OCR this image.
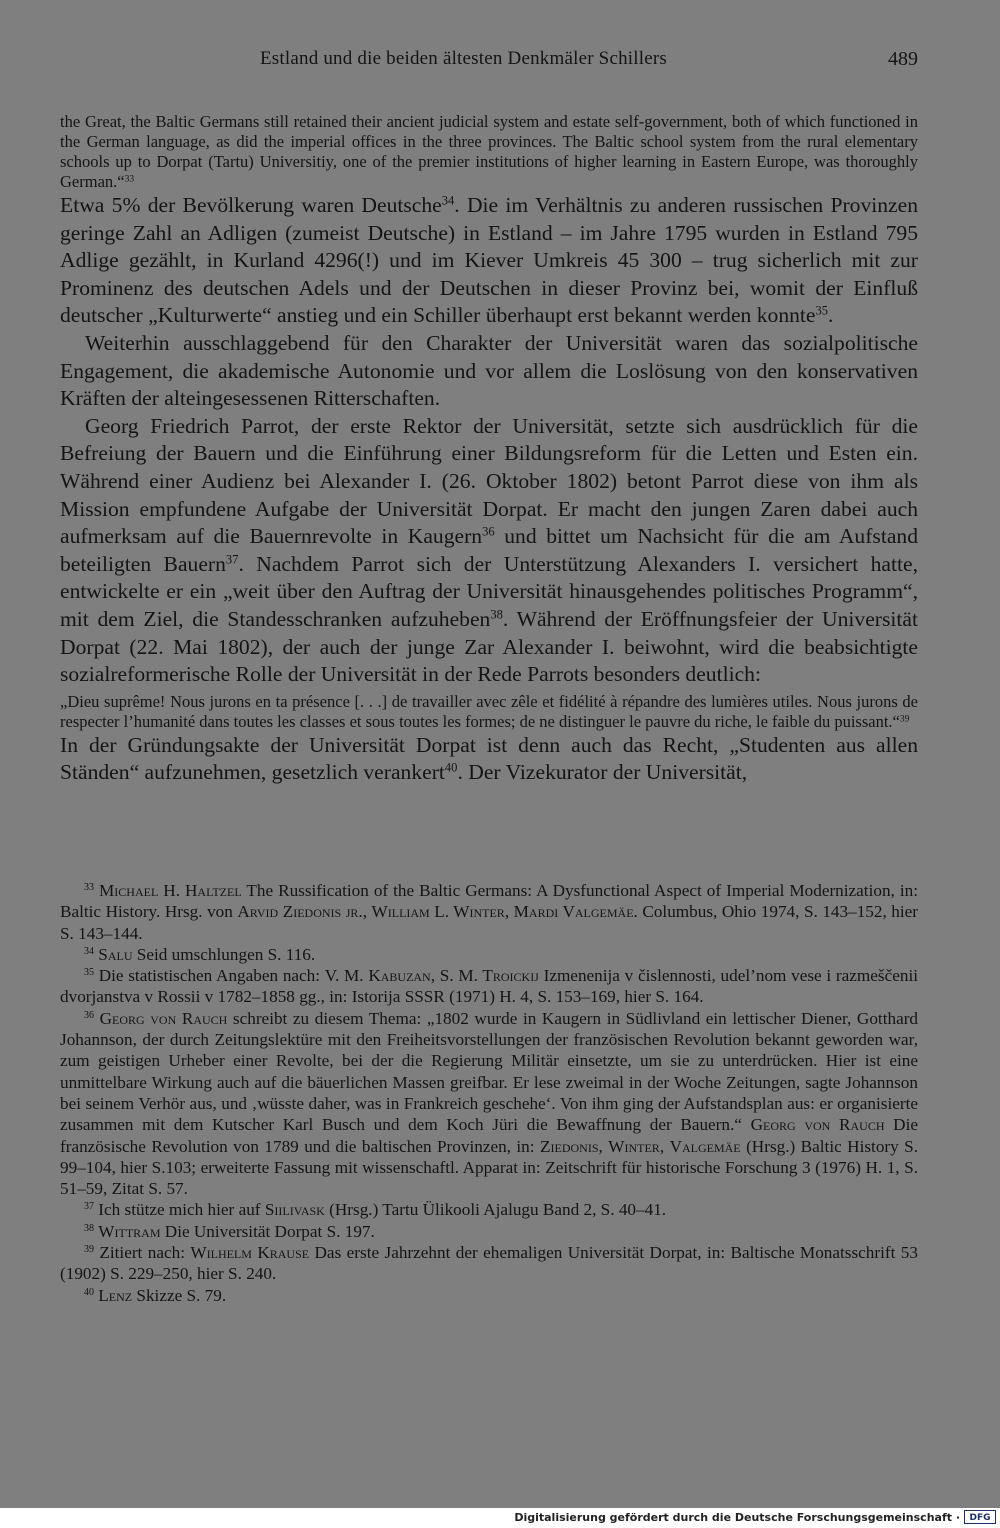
Estland und die beiden ältesten Denkmäler Schillers	489

the Great, the Baltic Germans still retained their ancient judicial system and estate self-government, both of which functioned in the German language, as did the imperial offices in the three provinces. The Baltic school system from the rural elementary schools up to Dorpat (Tartu) Universitiy, one of the premier institutions of higher learning in Eastern Europe, was thoroughly German.“$^{33}$

Etwa 5% der Bevölkerung waren Deutsche$^{34}$. Die im Verhältnis zu anderen russischen Provinzen geringe Zahl an Adligen (zumeist Deutsche) in Estland – im Jahre 1795 wurden in Estland 795 Adlige gezählt, in Kurland 4296(!) und im Kiever Umkreis 45 300 – trug sicherlich mit zur Prominenz des deutschen Adels und der Deutschen in dieser Provinz bei, womit der Einfluß deutscher „Kulturwerte“ anstieg und ein Schiller überhaupt erst bekannt werden konnte$^{35}$.

Weiterhin ausschlaggebend für den Charakter der Universität waren das sozialpolitische Engagement, die akademische Autonomie und vor allem die Loslösung von den konservativen Kräften der alteingesessenen Ritterschaften.

Georg Friedrich Parrot, der erste Rektor der Universität, setzte sich ausdrücklich für die Befreiung der Bauern und die Einführung einer Bildungsreform für die Letten und Esten ein. Während einer Audienz bei Alexander I. (26. Oktober 1802) betont Parrot diese von ihm als Mission empfundene Aufgabe der Universität Dorpat. Er macht den jungen Zaren dabei auch aufmerksam auf die Bauernrevolte in Kaugern$^{36}$ und bittet um Nachsicht für die am Aufstand beteiligten Bauern$^{37}$. Nachdem Parrot sich der Unterstützung Alexanders I. versichert hatte, entwickelte er ein „weit über den Auftrag der Universität hinausgehendes politisches Programm“, mit dem Ziel, die Standesschranken aufzuheben$^{38}$. Während der Eröffnungsfeier der Universität Dorpat (22. Mai 1802), der auch der junge Zar Alexander I. beiwohnt, wird die beabsichtigte sozialreformerische Rolle der Universität in der Rede Parrots besonders deutlich:

„Dieu suprême! Nous jurons en ta présence [. . .] de travailler avec zêle et fidélité à répandre des lumières utiles. Nous jurons de respecter l’humanité dans toutes les classes et sous toutes les formes; de ne distinguer le pauvre du riche, le faible du puissant.“$^{39}$

In der Gründungsakte der Universität Dorpat ist denn auch das Recht, „Studenten aus allen Ständen“ aufzunehmen, gesetzlich verankert$^{40}$. Der Vizekurator der Universität,

$^{33}$ Michael H. Haltzel The Russification of the Baltic Germans: A Dysfunctional Aspect of Imperial Modernization, in: Baltic History. Hrsg. von Arvid Ziedonis jr., William L. Winter, Mardi Valgemäe. Columbus, Ohio 1974, S. 143–152, hier S. 143–144.

$^{34}$ Salu Seid umschlungen S. 116.

$^{35}$ Die statistischen Angaben nach: V. M. Kabuzan, S. M. Troickij Izmenenija v čislennosti, udel’nom vese i razmeščenii dvorjanstva v Rossii v 1782–1858 gg., in: Istorija SSSR (1971) H. 4, S. 153–169, hier S. 164.

$^{36}$ Georg von Rauch schreibt zu diesem Thema: „1802 wurde in Kaugern in Südlivland ein lettischer Diener, Gotthard Johannson, der durch Zeitungslektüre mit den Freiheitsvorstellungen der französischen Revolution bekannt geworden war, zum geistigen Urheber einer Revolte, bei der die Regierung Militär einsetzte, um sie zu unterdrücken. Hier ist eine unmittelbare Wirkung auch auf die bäuerlichen Massen greifbar. Er lese zweimal in der Woche Zeitungen, sagte Johannson bei seinem Verhör aus, und ‚wüsste daher, was in Frankreich geschehe‘. Von ihm ging der Aufstandsplan aus: er organisierte zusammen mit dem Kutscher Karl Busch und dem Koch Jüri die Bewaffnung der Bauern.“ Georg von Rauch Die französische Revolution von 1789 und die baltischen Provinzen, in: Ziedonis, Winter, Valgemäe (Hrsg.) Baltic History S. 99–104, hier S.103; erweiterte Fassung mit wissenschaftl. Apparat in: Zeitschrift für historische Forschung 3 (1976) H. 1, S. 51–59, Zitat S. 57.

$^{37}$ Ich stütze mich hier auf Siilivask (Hrsg.) Tartu Ülikooli Ajalugu Band 2, S. 40–41.

$^{38}$ Wittram Die Universität Dorpat S. 197.

$^{39}$ Zitiert nach: Wilhelm Krause Das erste Jahrzehnt der ehemaligen Universität Dorpat, in: Baltische Monatsschrift 53 (1902) S. 229–250, hier S. 240.

$^{40}$ Lenz Skizze S. 79.

Digitalisierung gefördert durch die Deutsche Forschungsgemeinschaft ·	DFG
